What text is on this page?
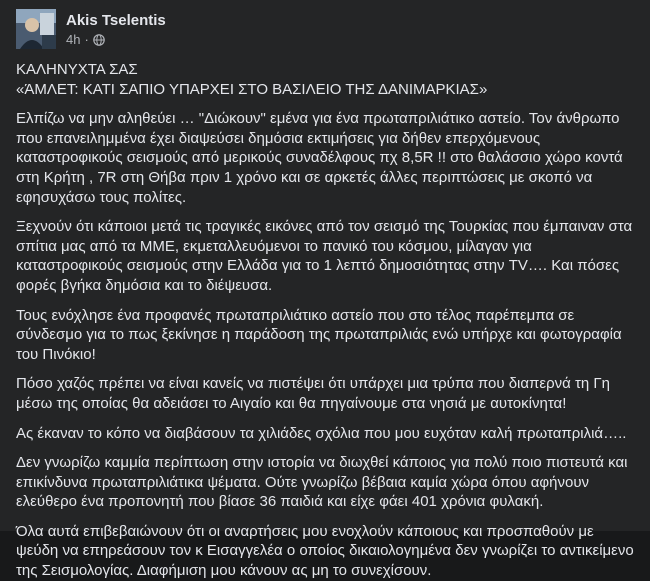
Akis Tselentis
4h ·

ΚΑΛΗΝΥΧΤΑ ΣΑΣ

«ΆΜΛΕΤ: ΚΑΤΙ ΣΑΠΙΟ ΥΠΑΡΧΕΙ ΣΤΟ ΒΑΣΙΛΕΙΟ ΤΗΣ ΔΑΝΙΜΑΡΚΙΑΣ»

Ελπίζω να μην αληθεύει … "Διώκουν" εμένα για ένα πρωταπριλιάτικο αστείο. Τον άνθρωπο που επανειλημμένα έχει διαψεύσει δημόσια εκτιμήσεις για δήθεν επερχόμενους καταστροφικούς σεισμούς από μερικούς συναδέλφους πχ 8,5R !! στο θαλάσσιο χώρο κοντά στη Κρήτη , 7R στη Θήβα πριν 1 χρόνο και σε αρκετές άλλες περιπτώσεις με σκοπό να εφησυχάσω τους πολίτες.

Ξεχνούν ότι κάποιοι μετά τις τραγικές εικόνες από τον σεισμό της Τουρκίας που έμπαιναν στα σπίτια μας από τα ΜΜΕ, εκμεταλλευόμενοι το πανικό του κόσμου, μίλαγαν για καταστροφικούς σεισμούς στην Ελλάδα για το 1 λεπτό δημοσιότητας στην TV…. Και πόσες φορές βγήκα δημόσια και το διέψευσα.

Τους ενόχλησε ένα προφανές πρωταπριλιάτικο αστείο που στο τέλος παρέπεμπα σε σύνδεσμο για το πως ξεκίνησε η παράδοση της πρωταπριλιάς ενώ υπήρχε και φωτογραφία του Πινόκιο!

Πόσο χαζός πρέπει να είναι κανείς να πιστέψει ότι υπάρχει μια τρύπα που διαπερνά τη Γη μέσω της οποίας θα αδειάσει το Αιγαίο και θα πηγαίνουμε στα νησιά με αυτοκίνητα!

Ας έκαναν το κόπο να διαβάσουν τα χιλιάδες σχόλια που μου ευχόταν καλή πρωταπριλιά…..

Δεν γνωρίζω καμμία περίπτωση στην ιστορία να διωχθεί κάποιος για πολύ ποιο πιστευτά και επικίνδυνα πρωταπριλιάτικα ψέματα. Ούτε γνωρίζω βέβαια καμία χώρα όπου αφήνουν ελεύθερο ένα προπονητή που βίασε 36 παιδιά και είχε φάει 401 χρόνια φυλακή.

Όλα αυτά επιβεβαιώνουν ότι οι αναρτήσεις μου ενοχλούν κάποιους και προσπαθούν με ψεύδη να επηρεάσουν τον κ Εισαγγελέα ο οποίος δικαιολογημένα δεν γνωρίζει το αντικείμενο της Σεισμολογίας. Διαφήμιση μου κάνουν ας μη το συνεχίσουν.
